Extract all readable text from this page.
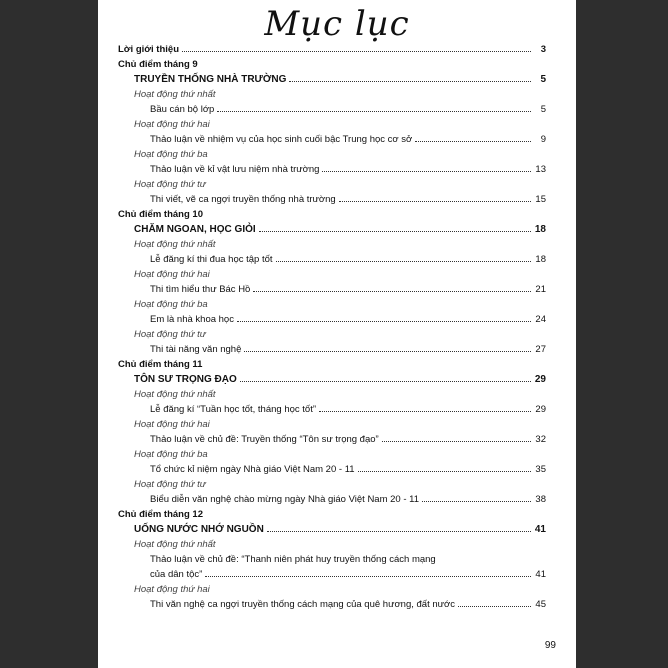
Mục lục
Lời giới thiệu	3
Chủ điểm tháng 9
TRUYỀN THỐNG NHÀ TRƯỜNG	5
Hoạt động thứ nhất
Bầu cán bộ lớp	5
Hoạt động thứ hai
Thảo luận về nhiệm vụ của học sinh cuối bậc Trung học cơ sở	9
Hoạt động thứ ba
Thảo luận về kỉ vật lưu niệm nhà trường	13
Hoạt động thứ tư
Thi viết, vẽ ca ngợi truyền thống nhà trường	15
Chủ điểm tháng 10
CHĂM NGOAN, HỌC GIỎI	18
Hoạt động thứ nhất
Lễ đăng kí thi đua học tập tốt	18
Hoạt động thứ hai
Thi tìm hiểu thư Bác Hồ	21
Hoạt động thứ ba
Em là nhà khoa học	24
Hoạt động thứ tư
Thi tài năng văn nghệ	27
Chủ điểm tháng 11
TÔN SƯ TRỌNG ĐẠO	29
Hoạt động thứ nhất
Lễ đăng kí “Tuần học tốt, tháng học tốt”	29
Hoạt động thứ hai
Thảo luận về chủ đề: Truyền thống “Tôn sư trọng đạo”	32
Hoạt động thứ ba
Tổ chức kỉ niệm ngày Nhà giáo Việt Nam 20 - 11	35
Hoạt động thứ tư
Biểu diễn văn nghệ chào mừng ngày Nhà giáo Việt Nam 20 - 11	38
Chủ điểm tháng 12
UỐNG NƯỚC NHỚ NGUỒN	41
Hoạt động thứ nhất
Thảo luận về chủ đề: “Thanh niên phát huy truyền thống cách mạng
của dân tộc”	41
Hoạt động thứ hai
Thi văn nghệ ca ngợi truyền thống cách mạng của quê hương, đất nước	45
99
